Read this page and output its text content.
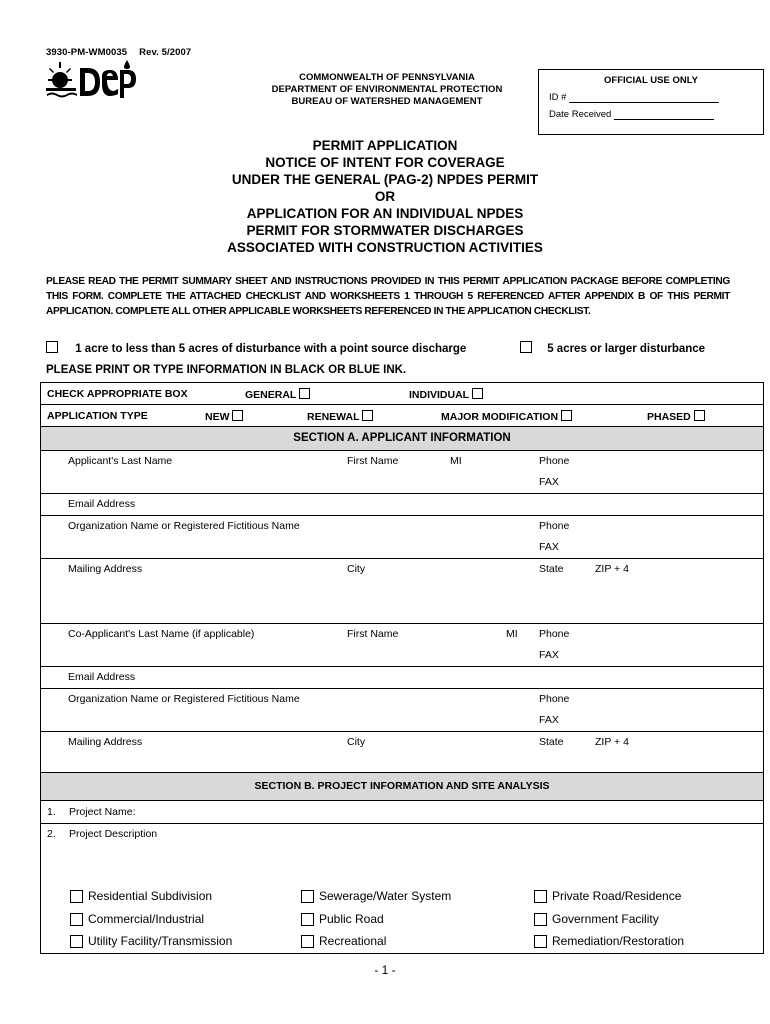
3930-PM-WM0035 Rev. 5/2007
COMMONWEALTH OF PENNSYLVANIA
DEPARTMENT OF ENVIRONMENTAL PROTECTION
BUREAU OF WATERSHED MANAGEMENT
OFFICIAL USE ONLY
ID #
Date Received
PERMIT APPLICATION
NOTICE OF INTENT FOR COVERAGE
UNDER THE GENERAL (PAG-2) NPDES PERMIT
OR
APPLICATION FOR AN INDIVIDUAL NPDES
PERMIT FOR STORMWATER DISCHARGES
ASSOCIATED WITH CONSTRUCTION ACTIVITIES
PLEASE READ THE PERMIT SUMMARY SHEET AND INSTRUCTIONS PROVIDED IN THIS PERMIT APPLICATION PACKAGE BEFORE COMPLETING THIS FORM. COMPLETE THE ATTACHED CHECKLIST AND WORKSHEETS 1 THROUGH 5 REFERENCED AFTER APPENDIX B OF THIS PERMIT APPLICATION. COMPLETE ALL OTHER APPLICABLE WORKSHEETS REFERENCED IN THE APPLICATION CHECKLIST.
1 acre to less than 5 acres of disturbance with a point source discharge	5 acres or larger disturbance
PLEASE PRINT OR TYPE INFORMATION IN BLACK OR BLUE INK.
CHECK APPROPRIATE BOX	GENERAL	INDIVIDUAL
APPLICATION TYPE	NEW	RENEWAL	MAJOR MODIFICATION	PHASED
SECTION A. APPLICANT INFORMATION
Applicant's Last Name	First Name	MI	Phone
FAX
Email Address
Organization Name or Registered Fictitious Name	Phone
FAX
Mailing Address	City	State	ZIP + 4
Co-Applicant's Last Name (if applicable)	First Name	MI Phone
FAX
Email Address
Organization Name or Registered Fictitious Name	Phone
FAX
Mailing Address	City	State	ZIP + 4
SECTION B. PROJECT INFORMATION AND SITE ANALYSIS
1. Project Name:
2. Project Description
Residential Subdivision	Sewerage/Water System	Private Road/Residence
Commercial/Industrial	Public Road	Government Facility
Utility Facility/Transmission	Recreational	Remediation/Restoration
- 1 -
